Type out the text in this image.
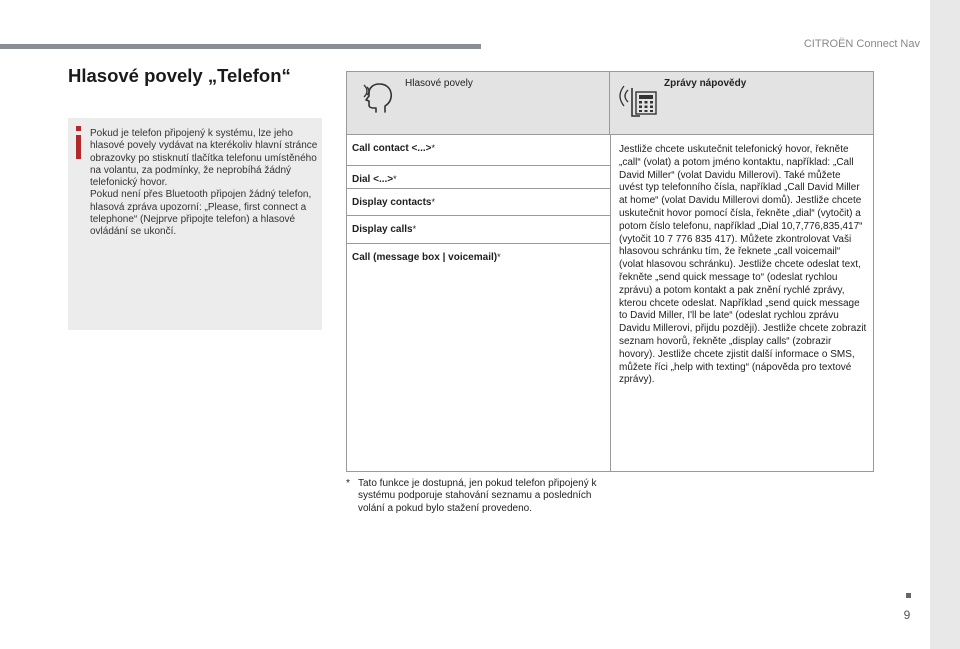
CITROËN Connect Nav
9
Hlasové povely „Telefon“

Pokud je telefon připojený k systému, lze jeho hlasové povely vydávat na kterékoliv hlavní stránce obrazovky po stisknutí tlačítka telefonu umístěného na volantu, za podmínky, že neprobíhá žádný telefonický hovor.

Pokud není přes Bluetooth připojen žádný telefon, hlasová zpráva upozorní: „Please, first connect a telephone“ (Nejprve připojte telefon) a hlasové ovládání se ukončí.

Hlasové povely	Zprávy nápovědy
Call contact <...>*
Dial <...>*
Display contacts*
Display calls*
Call (message box | voicemail)*
Jestliže chcete uskutečnit telefonický hovor, řekněte „call“ (volat) a potom jméno kontaktu, například: „Call David Miller“ (volat Davidu Millerovi). Také můžete uvést typ telefonního čísla, například „Call David Miller at home“ (volat Davidu Millerovi domů). Jestliže chcete uskutečnit hovor pomocí čísla, řekněte „dial“ (vytočit) a potom číslo telefonu, například „Dial 10,7,776,835,417“ (vytočit 10 7 776 835 417). Můžete zkontrolovat Vaši hlasovou schránku tím, že řeknete „call voicemail“ (volat hlasovou schránku). Jestliže chcete odeslat text, řekněte „send quick message to“ (odeslat rychlou zprávu) a potom kontakt a pak znění rychlé zprávy, kterou chcete odeslat. Například „send quick message to David Miller, I'll be late“ (odeslat rychlou zprávu Davidu Millerovi, přijdu později). Jestliže chcete zobrazit seznam hovorů, řekněte „display calls“ (zobrazir hovory). Jestliže chcete zjistit další informace o SMS, můžete říci „help with texting“ (nápověda pro textové zprávy).
* Tato funkce je dostupná, jen pokud telefon připojený k systému podporuje stahování seznamu a posledních volání a pokud bylo stažení provedeno.
